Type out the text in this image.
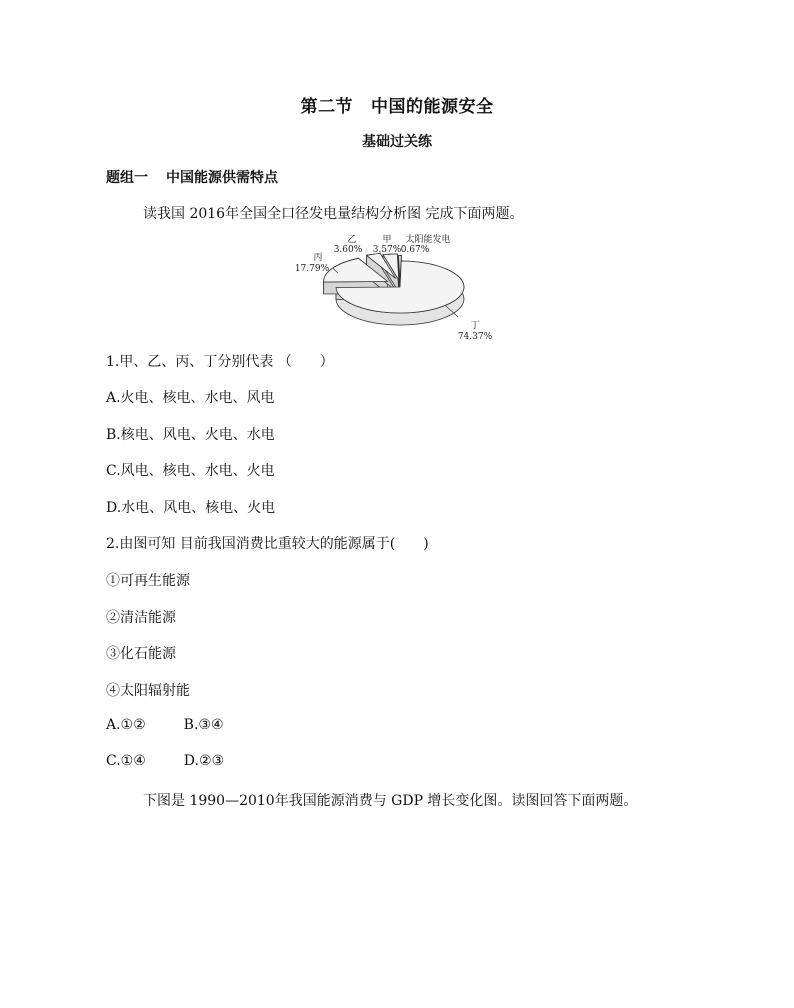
第二节 中国的能源安全
基础过关练
题组一 中国能源供需特点
读我国 2016年全国全口径发电量结构分析图 完成下面两题。
丁
74.37%
丙
17.79%
乙
3.60%
甲
3.57%
太阳能发电
0.67%
1.甲、乙、丙、丁分别代表 （　　）
A.火电、核电、水电、风电
B.核电、风电、火电、水电
C.风电、核电、水电、火电
D.水电、风电、核电、火电
2.由图可知 目前我国消费比重较大的能源属于(　　)
①可再生能源
②清洁能源
③化石能源
④太阳辐射能
A.①②	B.③④
C.①④	D.②③
下图是 1990—2010年我国能源消费与 GDP 增长变化图。读图回答下面两题。
